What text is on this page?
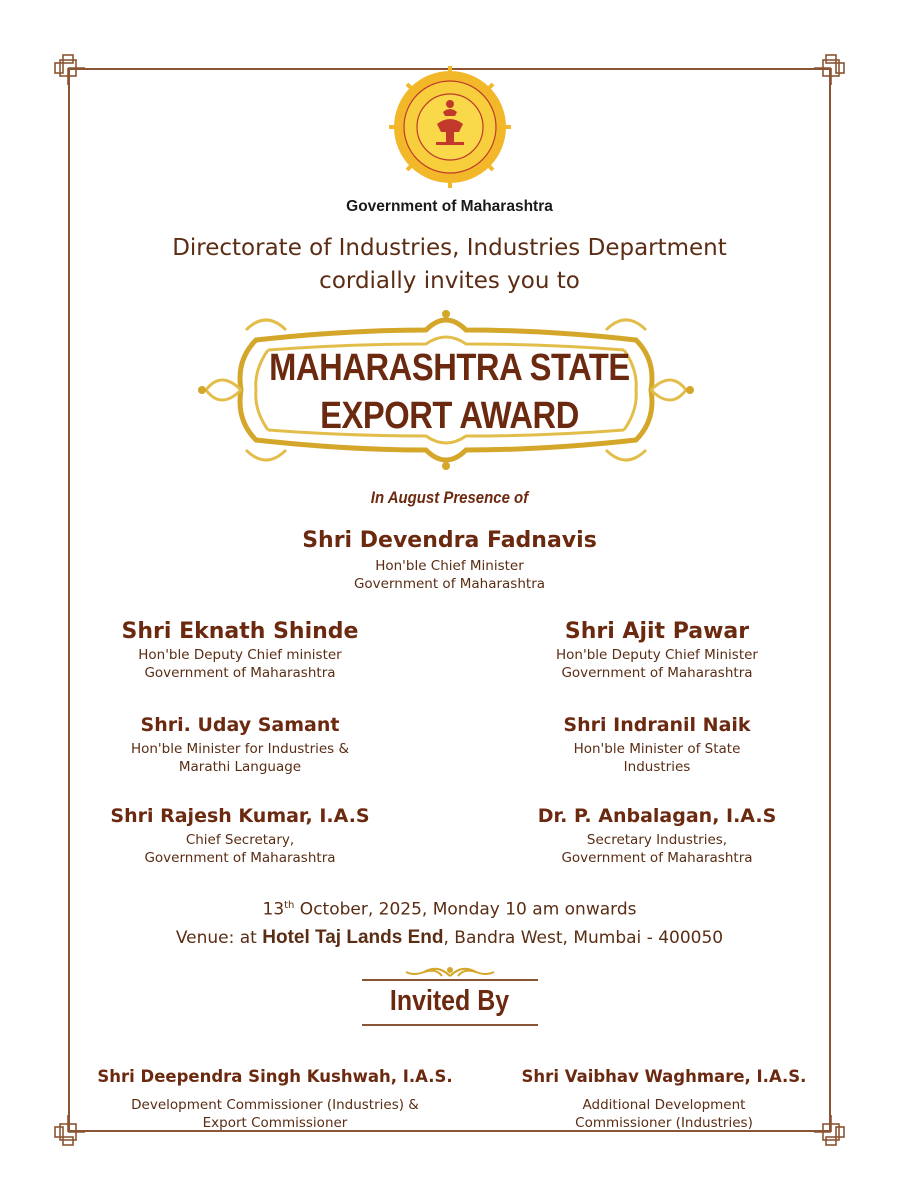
Government of Maharashtra
Directorate of Industries, Industries Department
cordially invites you to
MAHARASHTRA STATE
EXPORT AWARD
In August Presence of
Shri Devendra Fadnavis
Hon'ble Chief Minister
Government of Maharashtra
Shri Eknath Shinde
Hon'ble Deputy Chief minister
Government of Maharashtra
Shri Ajit Pawar
Hon'ble Deputy Chief Minister
Government of Maharashtra
Shri. Uday Samant
Hon'ble Minister for Industries &
Marathi Language
Shri Indranil Naik
Hon'ble Minister of State
Industries
Shri Rajesh Kumar, I.A.S
Chief Secretary,
Government of Maharashtra
Dr. P. Anbalagan, I.A.S
Secretary Industries,
Government of Maharashtra
13th October, 2025, Monday 10 am onwards
Venue: at Hotel Taj Lands End, Bandra West, Mumbai - 400050
Invited By
Shri Deependra Singh Kushwah, I.A.S.
Development Commissioner (Industries) &
Export Commissioner
Shri Vaibhav Waghmare, I.A.S.
Additional Development
Commissioner (Industries)
